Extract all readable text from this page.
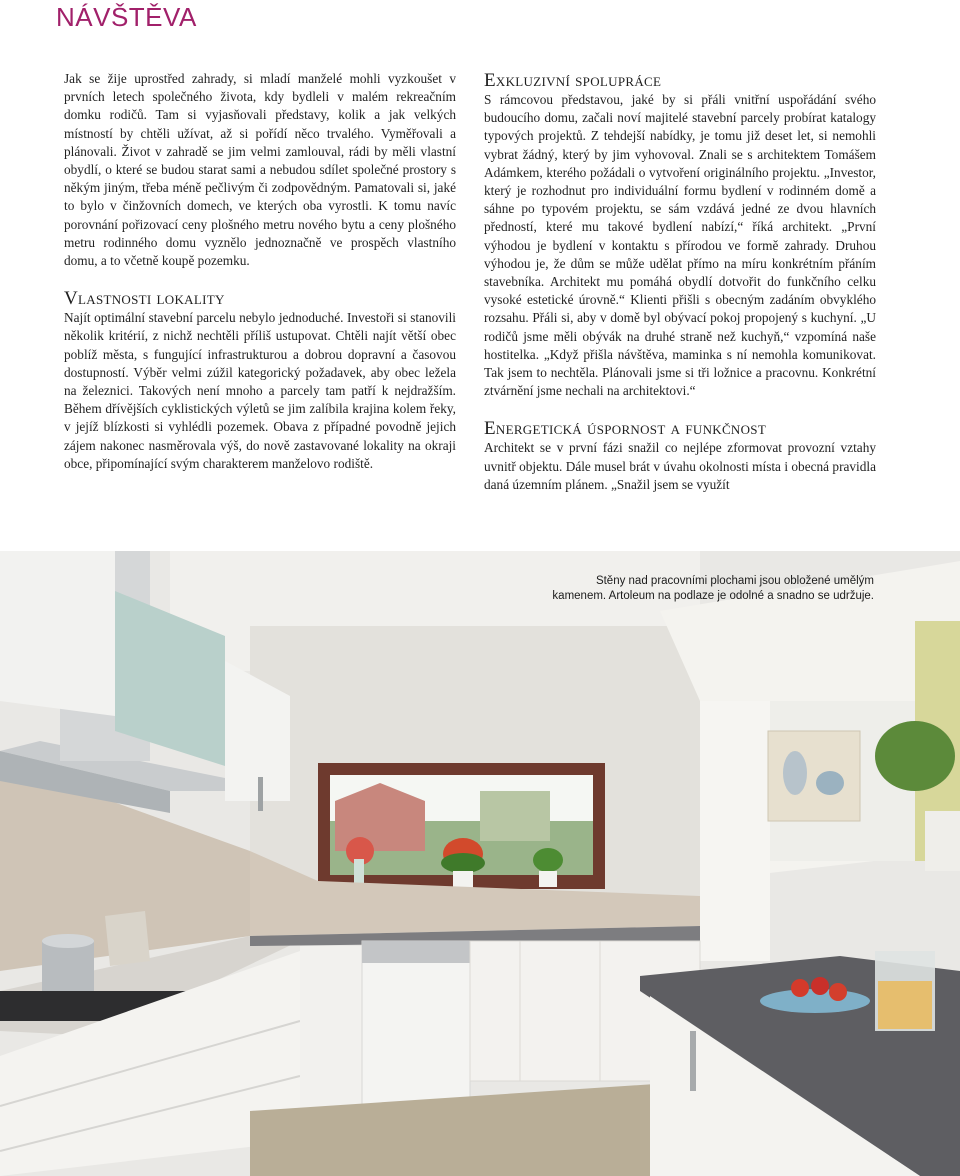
NÁVŠTĚVA

Jak se žije uprostřed zahrady, si mladí manželé mohli vyzkoušet v prvních letech společného života, kdy bydleli v malém rekreačním domku rodičů. Tam si vyjasňovali představy, kolik a jak velkých místností by chtěli užívat, až si pořídí něco trvalého. Vyměřovali a plánovali. Život v zahradě se jim velmi zamlouval, rádi by měli vlastní obydlí, o které se budou starat sami a nebudou sdílet společné prostory s někým jiným, třeba méně pečlivým či zodpovědným. Pamatovali si, jaké to bylo v činžovních domech, ve kterých oba vyrostli. K tomu navíc porovnání pořizovací ceny plošného metru nového bytu a ceny plošného metru rodinného domu vyznělo jednoznačně ve prospěch vlastního domu, a to včetně koupě pozemku.

Vlastnosti lokality

Najít optimální stavební parcelu nebylo jednoduché. Investoři si stanovili několik kritérií, z nichž nechtěli příliš ustupovat. Chtěli najít větší obec poblíž města, s fungující infrastrukturou a dobrou dopravní a časovou dostupností. Výběr velmi zúžil kategorický požadavek, aby obec ležela na železnici. Takových není mnoho a parcely tam patří k nejdražším. Během dřívějších cyklistických výletů se jim zalíbila krajina kolem řeky, v jejíž blízkosti si vyhlédli pozemek. Obava z případné povodně jejich zájem nakonec nasměrovala výš, do nově zastavované lokality na okraji obce, připomínající svým charakterem manželovo rodiště.

Exkluzivní spolupráce

S rámcovou představou, jaké by si přáli vnitřní uspořádání svého budoucího domu, začali noví majitelé stavební parcely probírat katalogy typových projektů. Z tehdejší nabídky, je tomu již deset let, si nemohli vybrat žádný, který by jim vyhovoval. Znali se s architektem Tomášem Adámkem, kterého požádali o vytvoření originálního projektu. „Investor, který je rozhodnut pro individuální formu bydlení v rodinném domě a sáhne po typovém projektu, se sám vzdává jedné ze dvou hlavních předností, které mu takové bydlení nabízí,“ říká architekt. „První výhodou je bydlení v kontaktu s přírodou ve formě zahrady. Druhou výhodou je, že dům se může udělat přímo na míru konkrétním přáním stavebníka. Architekt mu pomáhá obydlí dotvořit do funkčního celku vysoké estetické úrovně.“ Klienti přišli s obecným zadáním obvyklého rozsahu. Přáli si, aby v domě byl obývací pokoj propojený s kuchyní. „U rodičů jsme měli obývák na druhé straně než kuchyň,“ vzpomíná naše hostitelka. „Když přišla návštěva, maminka s ní nemohla komunikovat. Tak jsem to nechtěla. Plánovali jsme si tři ložnice a pracovnu. Konkrétní ztvárnění jsme nechali na architektovi.“

Energetická úspornost a funkčnost

Architekt se v první fázi snažil co nejlépe zformovat provozní vztahy uvnitř objektu. Dále musel brát v úvahu okolnosti místa i obecná pravidla daná územním plánem. „Snažil jsem se využít

Stěny nad pracovními plochami jsou obložené umělým kamenem. Artoleum na podlaze je odolné a snadno se udržuje.
